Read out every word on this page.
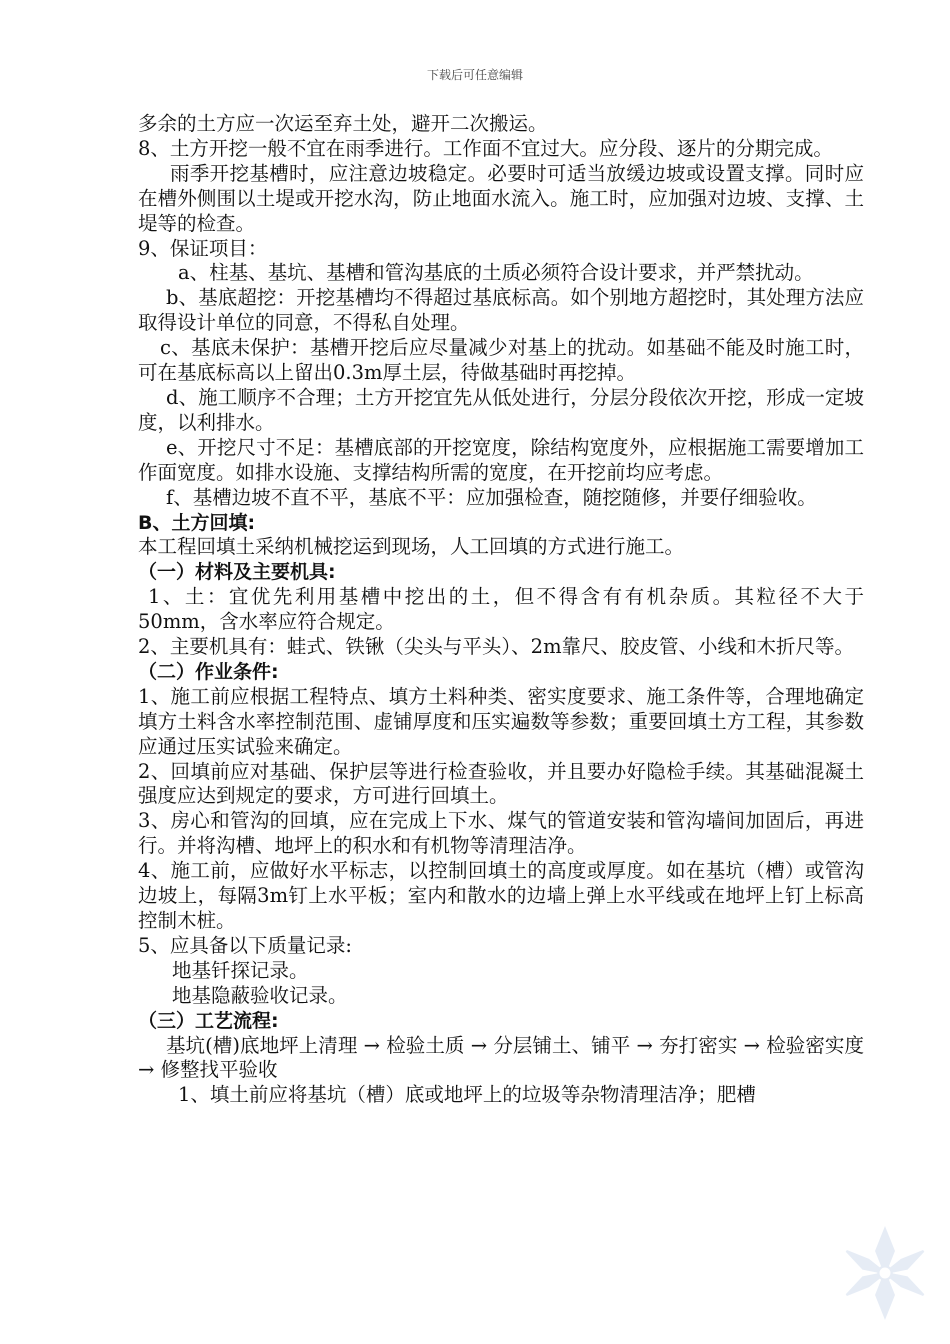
下载后可任意编辑

多余的土方应一次运至弃土处，避开二次搬运。

8、土方开挖一般不宜在雨季进行。工作面不宜过大。应分段、逐片的分期完成。

雨季开挖基槽时，应注意边坡稳定。必要时可适当放缓边坡或设置支撑。同时应在槽外侧围以土堤或开挖水沟，防止地面水流入。施工时，应加强对边坡、支撑、土堤等的检查。

9、保证项目：

a、柱基、基坑、基槽和管沟基底的土质必须符合设计要求，并严禁扰动。

b、基底超挖：开挖基槽均不得超过基底标高。如个别地方超挖时，其处理方法应取得设计单位的同意，不得私自处理。

c、基底未保护：基槽开挖后应尽量减少对基上的扰动。如基础不能及时施工时，可在基底标高以上留出0.3m厚土层，待做基础时再挖掉。

d、施工顺序不合理；土方开挖宜先从低处进行，分层分段依次开挖，形成一定坡度，以利排水。

e、开挖尺寸不足：基槽底部的开挖宽度，除结构宽度外，应根据施工需要增加工作面宽度。如排水设施、支撑结构所需的宽度，在开挖前均应考虑。

f、基槽边坡不直不平，基底不平：应加强检查，随挖随修，并要仔细验收。

B、土方回填:

本工程回填土采纳机械挖运到现场，人工回填的方式进行施工。

（一）材料及主要机具:

1、土：宜优先利用基槽中挖出的土，但不得含有有机杂质。其粒径不大于50mm，含水率应符合规定。

2、主要机具有：蛙式、铁锹（尖头与平头）、2m靠尺、胶皮管、小线和木折尺等。

（二）作业条件:

1、施工前应根据工程特点、填方土料种类、密实度要求、施工条件等，合理地确定填方土料含水率控制范围、虚铺厚度和压实遍数等参数；重要回填土方工程，其参数应通过压实试验来确定。

2、回填前应对基础、保护层等进行检查验收，并且要办好隐检手续。其基础混凝土强度应达到规定的要求，方可进行回填土。

3、房心和管沟的回填，应在完成上下水、煤气的管道安装和管沟墙间加固后，再进行。并将沟槽、地坪上的积水和有机物等清理洁净。

4、施工前，应做好水平标志，以控制回填土的高度或厚度。如在基坑（槽）或管沟边坡上，每隔3m钉上水平板；室内和散水的边墙上弹上水平线或在地坪上钉上标高控制木桩。

5、应具备以下质量记录:

地基钎探记录。

地基隐蔽验收记录。

（三）工艺流程:

基坑(槽)底地坪上清理 → 检验土质 → 分层铺土、铺平 → 夯打密实 → 检验密实度 → 修整找平验收

1、填土前应将基坑（槽）底或地坪上的垃圾等杂物清理洁净；肥槽
